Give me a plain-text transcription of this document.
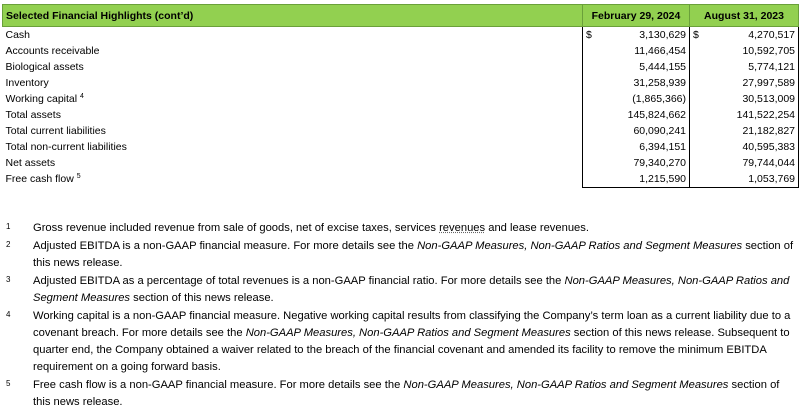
Selected Financial Highlights (cont’d)	February 29, 2024		August 31, 2023
Cash	$	3,130,629	$ 4,270,517
Accounts receivable		11,466,454	10,592,705
Biological assets		5,444,155	5,774,121
Inventory		31,258,939	27,997,589
Working capital $^4$		(1,865,366)	30,513,009
Total assets		145,824,662	141,522,254
Total current liabilities		60,090,241	21,182,827
Total non-current liabilities		6,394,151	40,595,383
Net assets		79,340,270	79,744,044
Free cash flow $^5$		1,215,590	1,053,769
1 Gross revenue included revenue from sale of goods, net of excise taxes, services revenues and lease revenues.
2 Adjusted EBITDA is a non-GAAP financial measure. For more details see the Non-GAAP Measures, Non-GAAP Ratios and Segment Measures section of this news release.
3 Adjusted EBITDA as a percentage of total revenues is a non-GAAP financial ratio. For more details see the Non-GAAP Measures, Non-GAAP Ratios and Segment Measures section of this news release.
4 Working capital is a non-GAAP financial measure. Negative working capital results from classifying the Company’s term loan as a current liability due to a covenant breach. For more details see the Non-GAAP Measures, Non-GAAP Ratios and Segment Measures section of this news release. Subsequent to quarter end, the Company obtained a waiver related to the breach of the financial covenant and amended its facility to remove the minimum EBITDA requirement on a going forward basis.
5 Free cash flow is a non-GAAP financial measure. For more details see the Non-GAAP Measures, Non-GAAP Ratios and Segment Measures section of this news release.
